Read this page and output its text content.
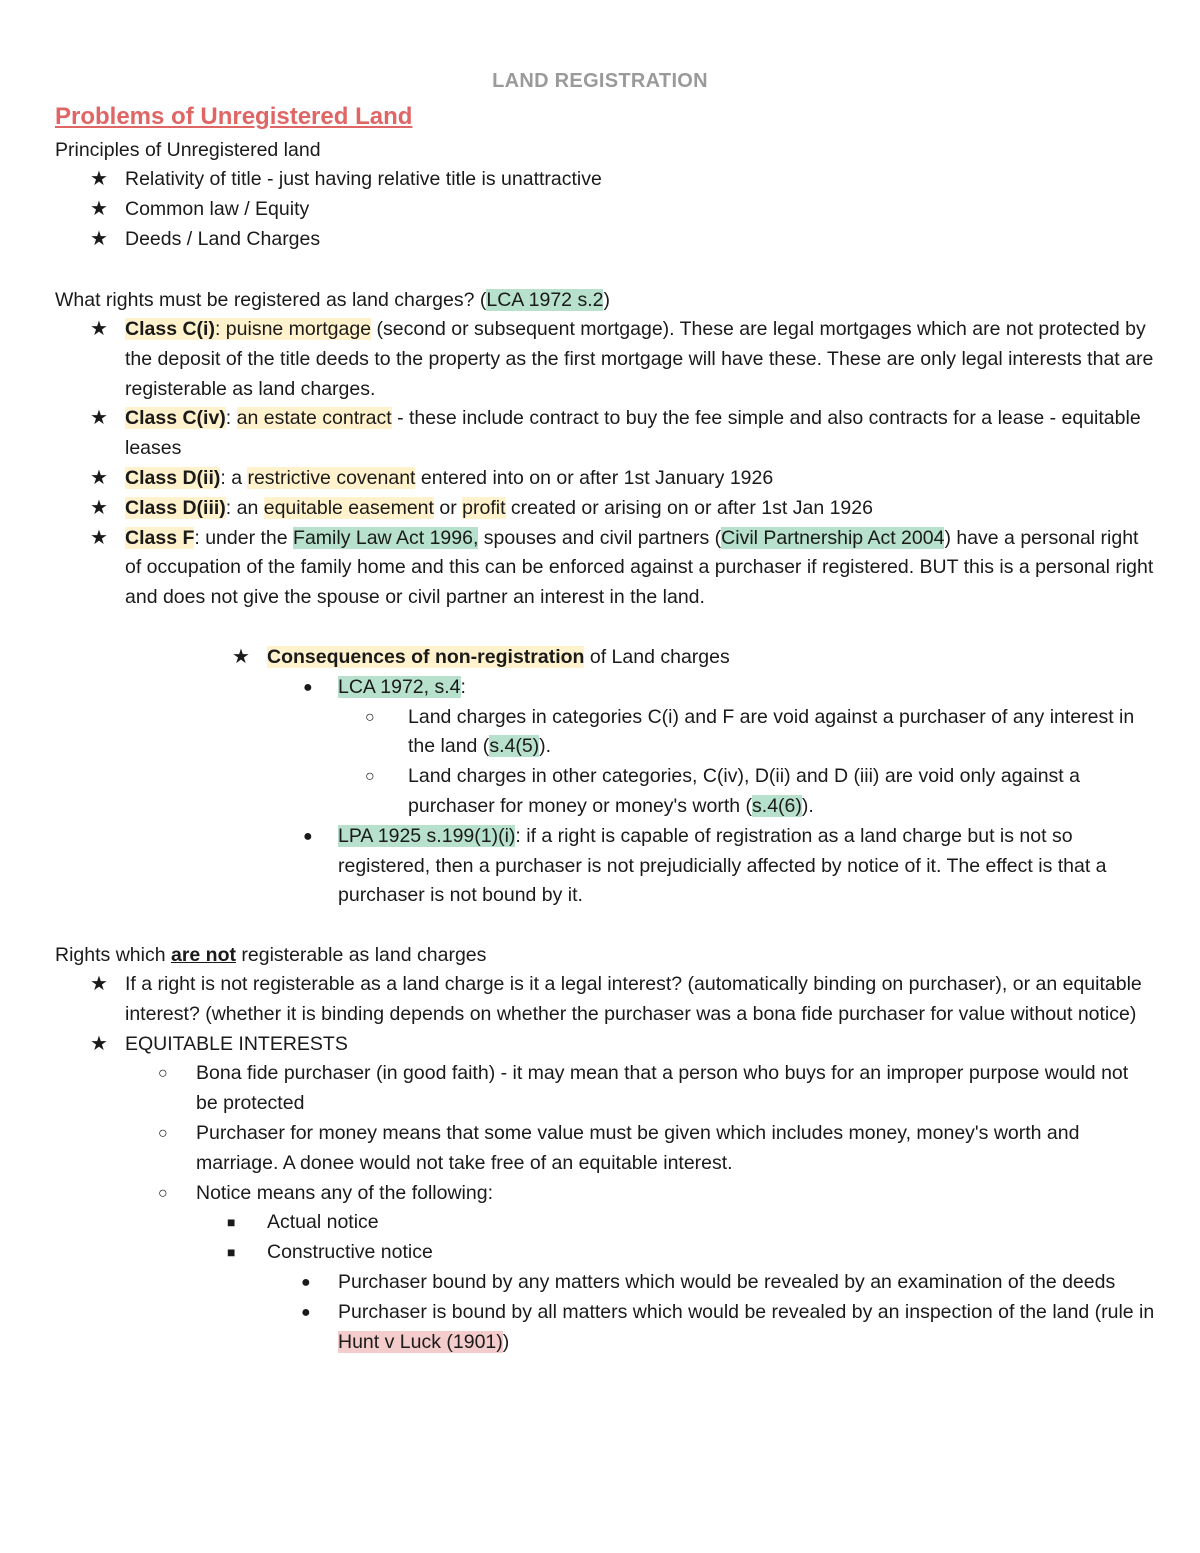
LAND REGISTRATION
Problems of Unregistered Land

Principles of Unregistered land

★ Relativity of title - just having relative title is unattractive
★ Common law / Equity
★ Deeds / Land Charges

What rights must be registered as land charges? (LCA 1972 s.2)

★ Class C(i): puisne mortgage (second or subsequent mortgage). These are legal mortgages which are not protected by the deposit of the title deeds to the property as the first mortgage will have these. These are only legal interests that are registerable as land charges.
★ Class C(iv): an estate contract - these include contract to buy the fee simple and also contracts for a lease - equitable leases
★ Class D(ii): a restrictive covenant entered into on or after 1st January 1926
★ Class D(iii): an equitable easement or profit created or arising on or after 1st Jan 1926
★ Class F: under the Family Law Act 1996, spouses and civil partners (Civil Partnership Act 2004) have a personal right of occupation of the family home and this can be enforced against a purchaser if registered. BUT this is a personal right and does not give the spouse or civil partner an interest in the land.
★ Consequences of non-registration of Land charges
● LCA 1972, s.4:
○ Land charges in categories C(i) and F are void against a purchaser of any interest in the land (s.4(5)).
○ Land charges in other categories, C(iv), D(ii) and D (iii) are void only against a purchaser for money or money's worth (s.4(6)).
● LPA 1925 s.199(1)(i): if a right is capable of registration as a land charge but is not so registered, then a purchaser is not prejudicially affected by notice of it. The effect is that a purchaser is not bound by it.

Rights which are not registerable as land charges

★ If a right is not registerable as a land charge is it a legal interest? (automatically binding on purchaser), or an equitable interest? (whether it is binding depends on whether the purchaser was a bona fide purchaser for value without notice)
★ EQUITABLE INTERESTS
○ Bona fide purchaser (in good faith) - it may mean that a person who buys for an improper purpose would not be protected
○ Purchaser for money means that some value must be given which includes money, money's worth and marriage. A donee would not take free of an equitable interest.
○ Notice means any of the following:
■ Actual notice
■ Constructive notice
● Purchaser bound by any matters which would be revealed by an examination of the deeds
● Purchaser is bound by all matters which would be revealed by an inspection of the land (rule in Hunt v Luck (1901))
